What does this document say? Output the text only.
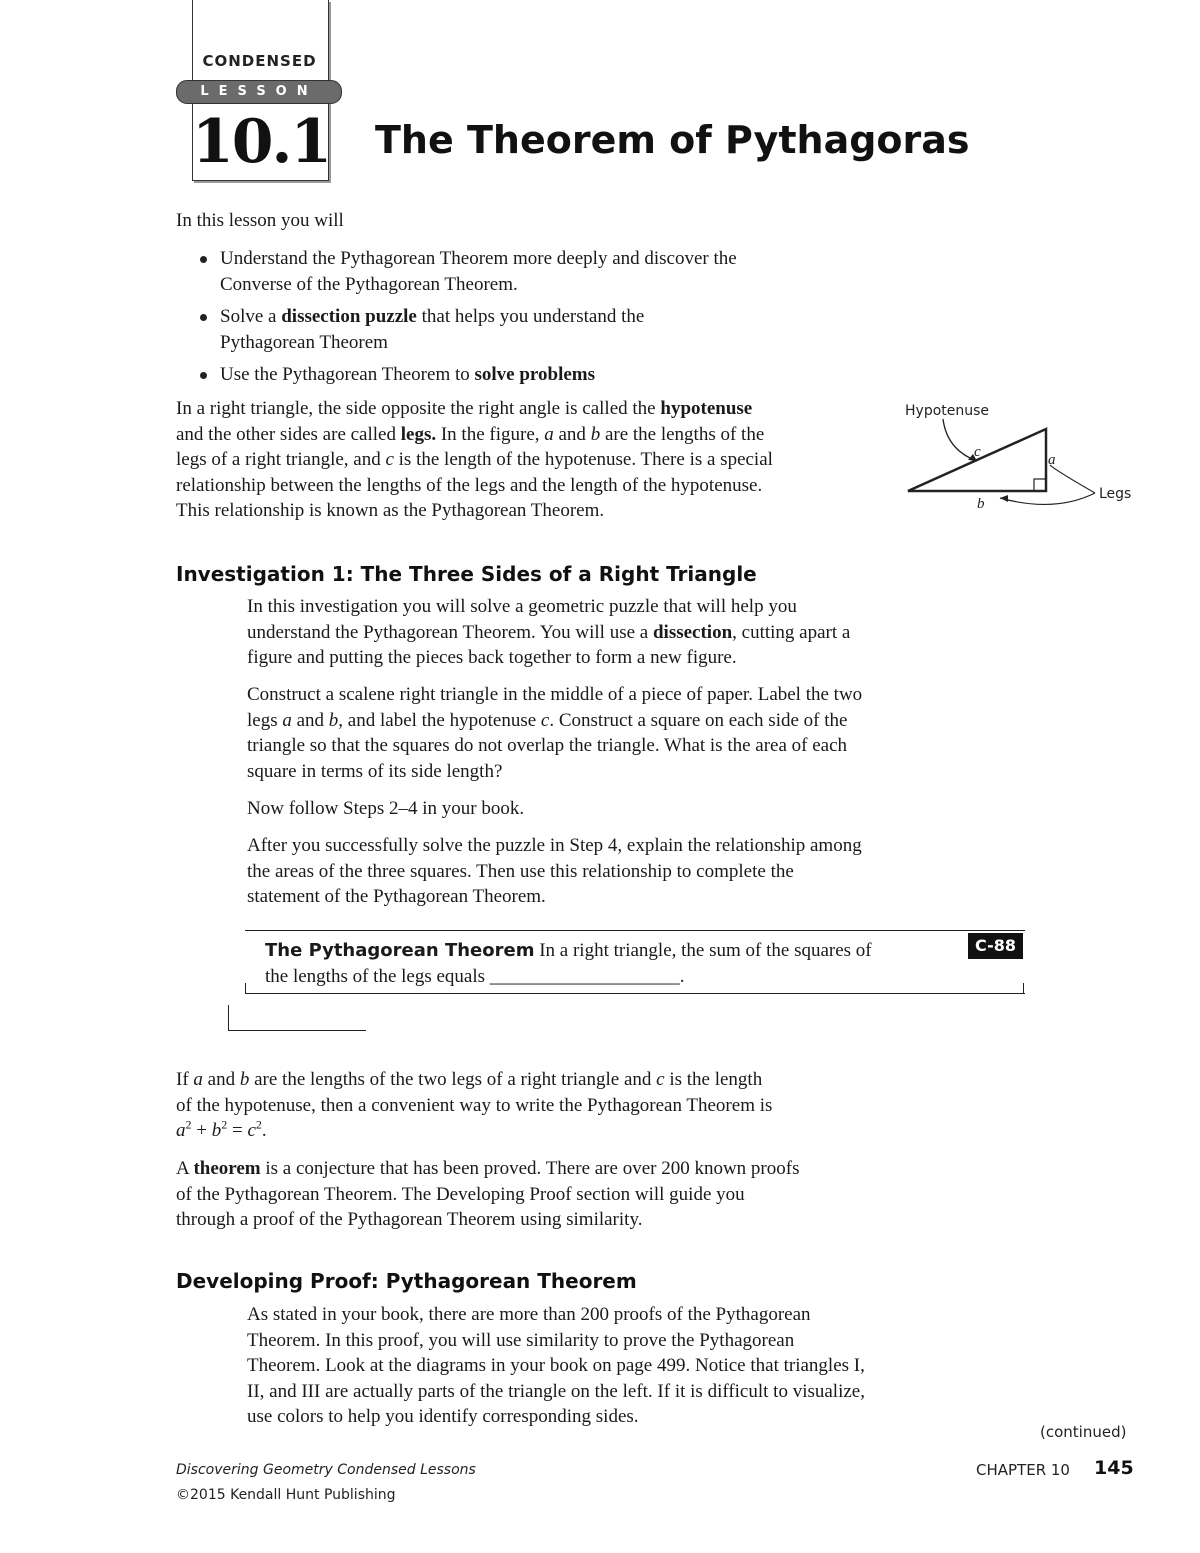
CONDENSED
LESSON
10.1 The Theorem of Pythagoras
In this lesson you will
Understand the Pythagorean Theorem more deeply and discover the
Converse of the Pythagorean Theorem.
Solve a dissection puzzle that helps you understand the
Pythagorean Theorem
Use the Pythagorean Theorem to solve problems
In a right triangle, the side opposite the right angle is called the hypotenuse
and the other sides are called legs. In the figure, a and b are the lengths of the
legs of a right triangle, and c is the length of the hypotenuse. There is a special
relationship between the lengths of the legs and the length of the hypotenuse.
This relationship is known as the Pythagorean Theorem.
Hypotenuse
c	a
b
Legs
Investigation 1: The Three Sides of a Right Triangle
In this investigation you will solve a geometric puzzle that will help you
understand the Pythagorean Theorem. You will use a dissection, cutting apart a
figure and putting the pieces back together to form a new figure.
Construct a scalene right triangle in the middle of a piece of paper. Label the two
legs a and b, and label the hypotenuse c. Construct a square on each side of the
triangle so that the squares do not overlap the triangle. What is the area of each
square in terms of its side length?
Now follow Steps 2–4 in your book.
After you successfully solve the puzzle in Step 4, explain the relationship among
the areas of the three squares. Then use this relationship to complete the
statement of the Pythagorean Theorem.
C-88
The Pythagorean Theorem In a right triangle, the sum of the squares of
the lengths of the legs equals ____________________.
If a and b are the lengths of the two legs of a right triangle and c is the length
of the hypotenuse, then a convenient way to write the Pythagorean Theorem is
$a^2 + b^2 = c^2$.
A theorem is a conjecture that has been proved. There are over 200 known proofs
of the Pythagorean Theorem. The Developing Proof section will guide you
through a proof of the Pythagorean Theorem using similarity.
Developing Proof: Pythagorean Theorem
As stated in your book, there are more than 200 proofs of the Pythagorean
Theorem. In this proof, you will use similarity to prove the Pythagorean
Theorem. Look at the diagrams in your book on page 499. Notice that triangles I,
II, and III are actually parts of the triangle on the left. If it is difficult to visualize,
use colors to help you identify corresponding sides.
(continued)
Discovering Geometry Condensed Lessons
©2015 Kendall Hunt Publishing
CHAPTER 10 145
